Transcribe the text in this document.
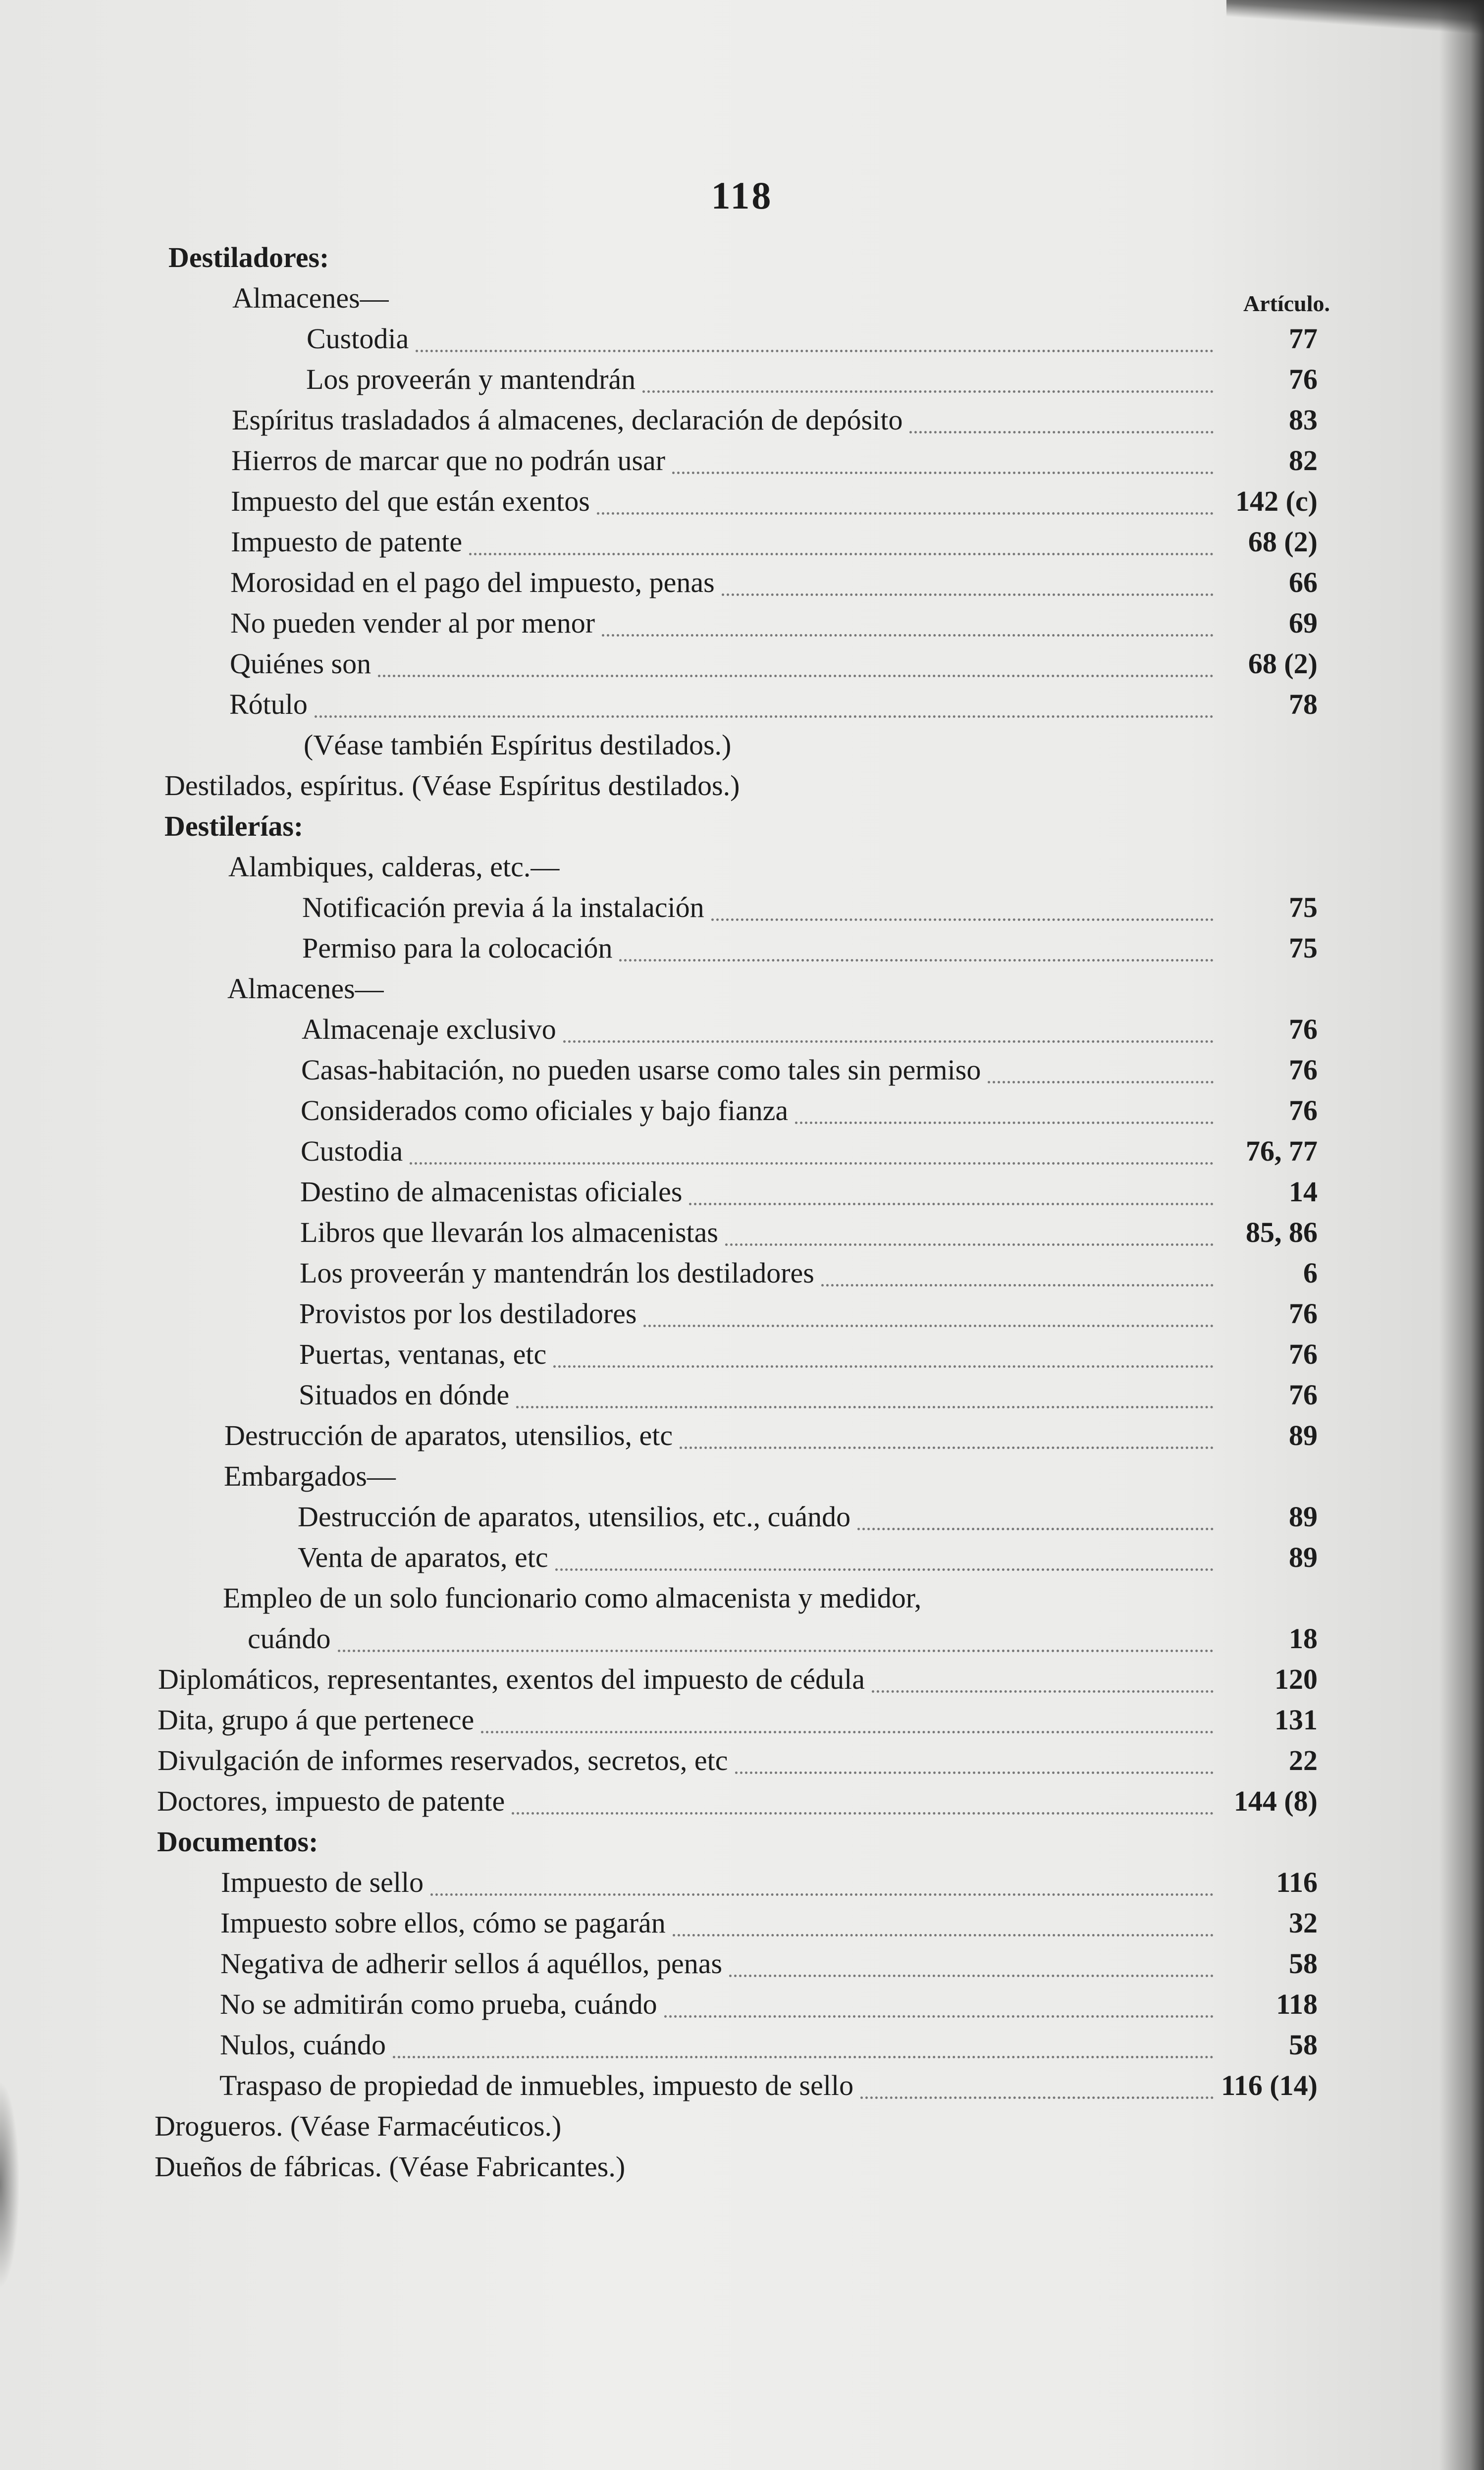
118
Artículo.
Destiladores:
Almacenes—
Custodia	77
Los proveerán y mantendrán	76
Espíritus trasladados á almacenes, declaración de depósito	83
Hierros de marcar que no podrán usar	82
Impuesto del que están exentos	142 (c)
Impuesto de patente	68 (2)
Morosidad en el pago del impuesto, penas	66
No pueden vender al por menor	69
Quiénes son	68 (2)
Rótulo	78
(Véase también Espíritus destilados.)
Destilados, espíritus. (Véase Espíritus destilados.)
Destilerías:
Alambiques, calderas, etc.—
Notificación previa á la instalación	75
Permiso para la colocación	75
Almacenes—
Almacenaje exclusivo	76
Casas-habitación, no pueden usarse como tales sin permiso	76
Considerados como oficiales y bajo fianza	76
Custodia	76, 77
Destino de almacenistas oficiales	14
Libros que llevarán los almacenistas	85, 86
Los proveerán y mantendrán los destiladores	6
Provistos por los destiladores	76
Puertas, ventanas, etc	76
Situados en dónde	76
Destrucción de aparatos, utensilios, etc	89
Embargados—
Destrucción de aparatos, utensilios, etc., cuándo	89
Venta de aparatos, etc	89
Empleo de un solo funcionario como almacenista y medidor,
cuándo	18
Diplomáticos, representantes, exentos del impuesto de cédula	120
Dita, grupo á que pertenece	131
Divulgación de informes reservados, secretos, etc	22
Doctores, impuesto de patente	144 (8)
Documentos:
Impuesto de sello	116
Impuesto sobre ellos, cómo se pagarán	32
Negativa de adherir sellos á aquéllos, penas	58
No se admitirán como prueba, cuándo	118
Nulos, cuándo	58
Traspaso de propiedad de inmuebles, impuesto de sello	116 (14)
Drogueros. (Véase Farmacéuticos.)
Dueños de fábricas. (Véase Fabricantes.)
